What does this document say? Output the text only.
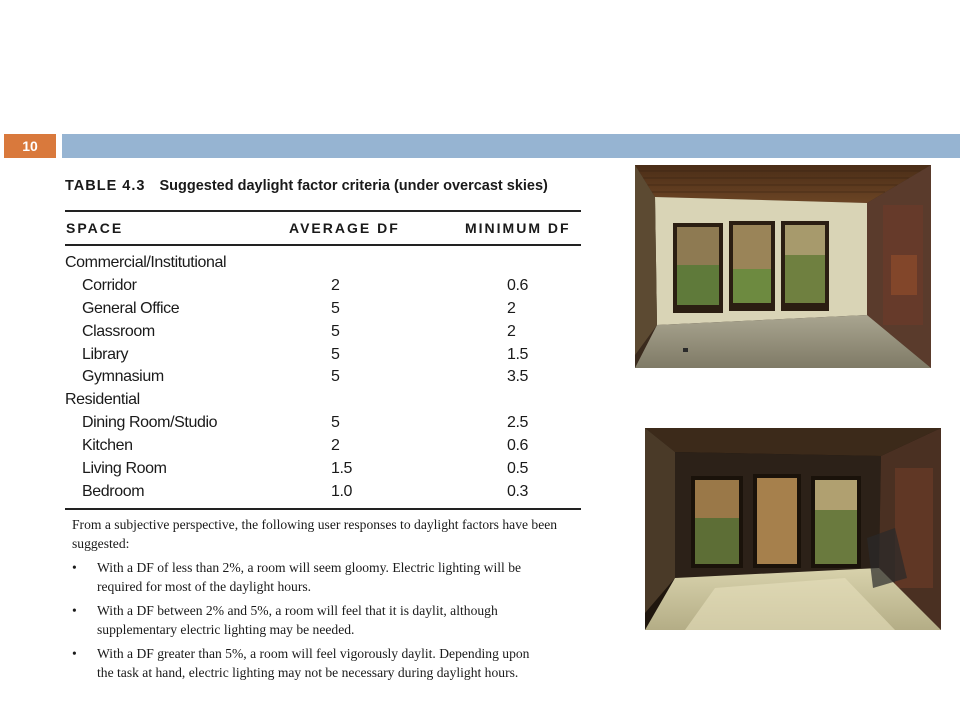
10
TABLE 4.3 Suggested daylight factor criteria (under overcast skies)
SPACE	AVERAGE DF	MINIMUM DF
Commercial/Institutional
Corridor	2	0.6
General Office	5	2
Classroom	5	2
Library	5	1.5
Gymnasium	5	3.5
Residential
Dining Room/Studio	5	2.5
Kitchen	2	0.6
Living Room	1.5	0.5
Bedroom	1.0	0.3
From a subjective perspective, the following user responses to daylight factors have been suggested:
• With a DF of less than 2%, a room will seem gloomy. Electric lighting will be required for most of the daylight hours.
• With a DF between 2% and 5%, a room will feel that it is daylit, although supplementary electric lighting may be needed.
• With a DF greater than 5%, a room will feel vigorously daylit. Depending upon the task at hand, electric lighting may not be necessary during daylight hours.
